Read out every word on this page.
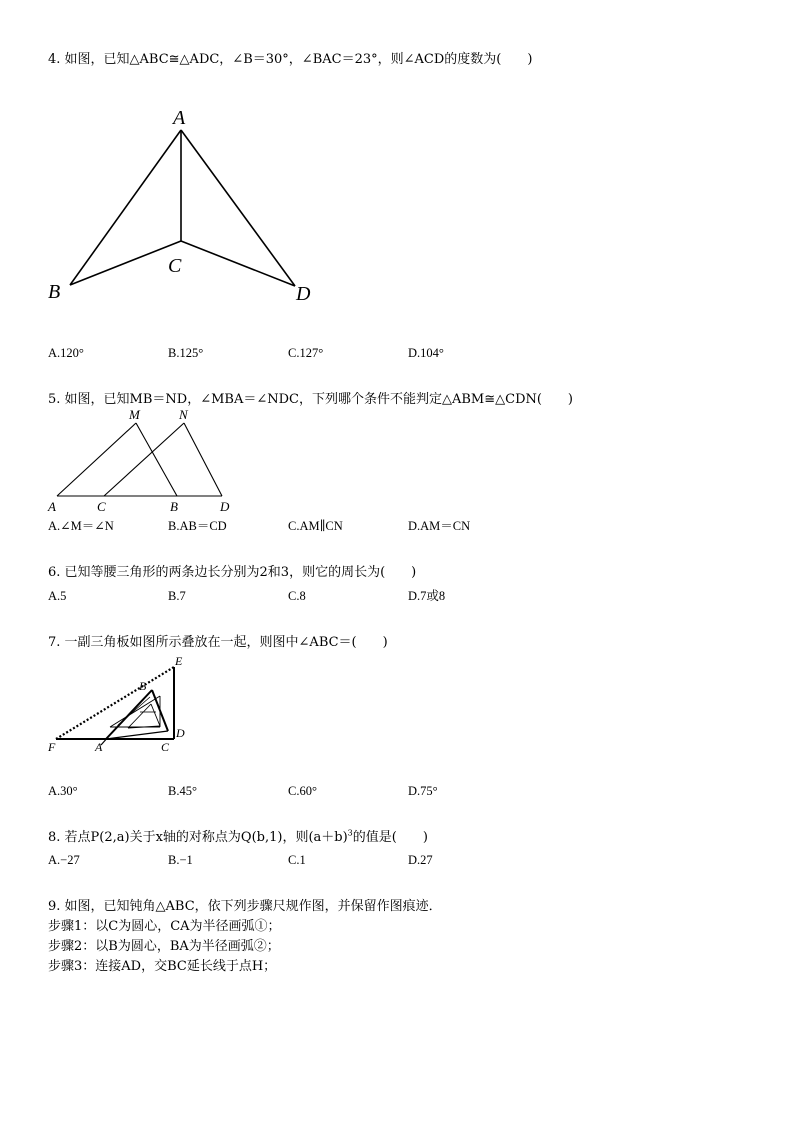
4. 如图，已知△ABC≅△ADC，∠B＝30°，∠BAC＝23°，则∠ACD的度数为(　　)
A
B
C
D
A.120°	B.125°	C.127°	D.104°
5. 如图，已知MB＝ND，∠MBA＝∠NDC，下列哪个条件不能判定△ABM≅△CDN(　　)
M	N
A	C	B	D
A.∠M＝∠N	B.AB＝CD	C.AM∥CN	D.AM＝CN
6. 已知等腰三角形的两条边长分别为2和3，则它的周长为(　　)
A.5	B.7	C.8	D.7或8
7. 一副三角板如图所示叠放在一起，则图中∠ABC＝(　　)
E
B
D
F	A	C
A.30°	B.45°	C.60°	D.75°
8. 若点P(2,a)关于x轴的对称点为Q(b,1)，则$(a+b)^3$的值是(　　)
A.−27	B.−1	C.1	D.27
9. 如图，已知钝角△ABC，依下列步骤尺规作图，并保留作图痕迹．
步骤1：以C为圆心，CA为半径画弧①；
步骤2：以B为圆心，BA为半径画弧②；
步骤3：连接AD，交BC延长线于点H；
